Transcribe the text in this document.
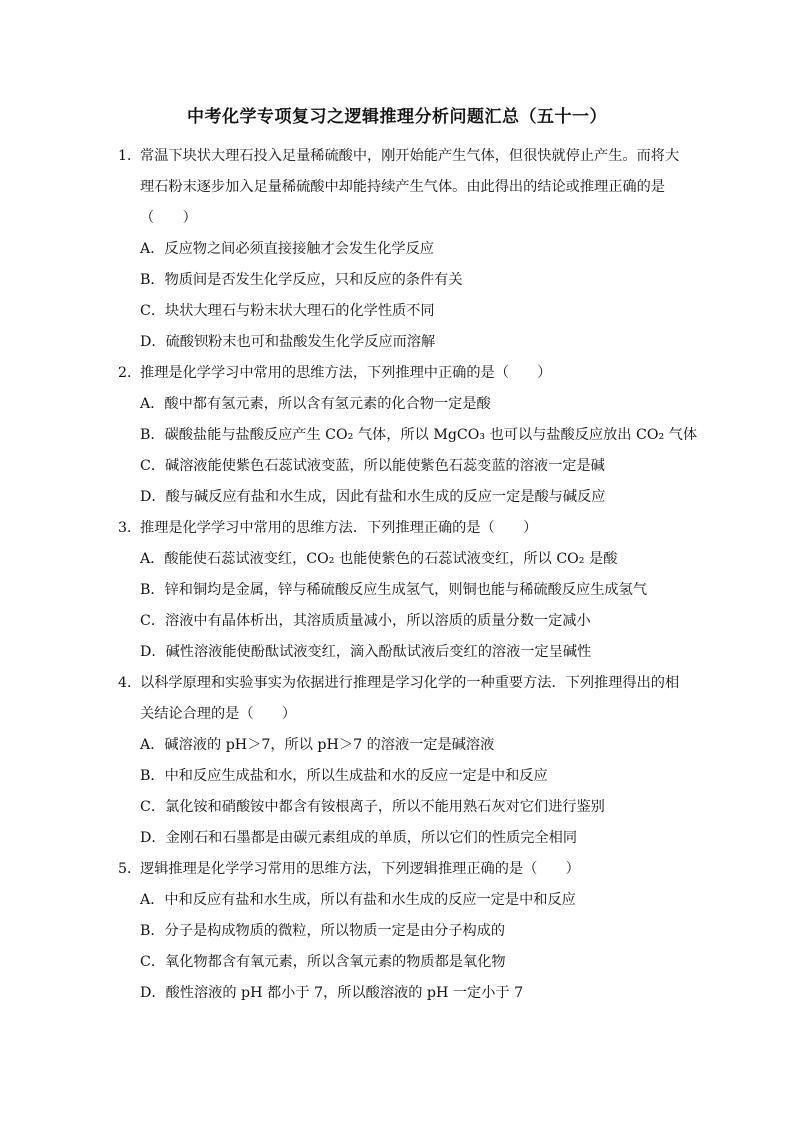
中考化学专项复习之逻辑推理分析问题汇总（五十一）
1．常温下块状大理石投入足量稀硫酸中，刚开始能产生气体，但很快就停止产生。而将大
理石粉末逐步加入足量稀硫酸中却能持续产生气体。由此得出的结论或推理正确的是
（　　）
A．反应物之间必须直接接触才会发生化学反应
B．物质间是否发生化学反应，只和反应的条件有关
C．块状大理石与粉末状大理石的化学性质不同
D．硫酸钡粉末也可和盐酸发生化学反应而溶解
2．推理是化学学习中常用的思维方法，下列推理中正确的是（　　）
A．酸中都有氢元素，所以含有氢元素的化合物一定是酸
B．碳酸盐能与盐酸反应产生 CO₂ 气体，所以 MgCO₃ 也可以与盐酸反应放出 CO₂ 气体
C．碱溶液能使紫色石蕊试液变蓝，所以能使紫色石蕊变蓝的溶液一定是碱
D．酸与碱反应有盐和水生成，因此有盐和水生成的反应一定是酸与碱反应
3．推理是化学学习中常用的思维方法．下列推理正确的是（　　）
A．酸能使石蕊试液变红，CO₂ 也能使紫色的石蕊试液变红，所以 CO₂ 是酸
B．锌和铜均是金属，锌与稀硫酸反应生成氢气，则铜也能与稀硫酸反应生成氢气
C．溶液中有晶体析出，其溶质质量减小，所以溶质的质量分数一定减小
D．碱性溶液能使酚酞试液变红，滴入酚酞试液后变红的溶液一定呈碱性
4．以科学原理和实验事实为依据进行推理是学习化学的一种重要方法．下列推理得出的相
关结论合理的是（　　）
A．碱溶液的 pH＞7，所以 pH＞7 的溶液一定是碱溶液
B．中和反应生成盐和水，所以生成盐和水的反应一定是中和反应
C．氯化铵和硝酸铵中都含有铵根离子，所以不能用熟石灰对它们进行鉴别
D．金刚石和石墨都是由碳元素组成的单质，所以它们的性质完全相同
5．逻辑推理是化学学习常用的思维方法，下列逻辑推理正确的是（　　）
A．中和反应有盐和水生成，所以有盐和水生成的反应一定是中和反应
B．分子是构成物质的微粒，所以物质一定是由分子构成的
C．氧化物都含有氧元素，所以含氧元素的物质都是氧化物
D．酸性溶液的 pH 都小于 7，所以酸溶液的 pH 一定小于 7
